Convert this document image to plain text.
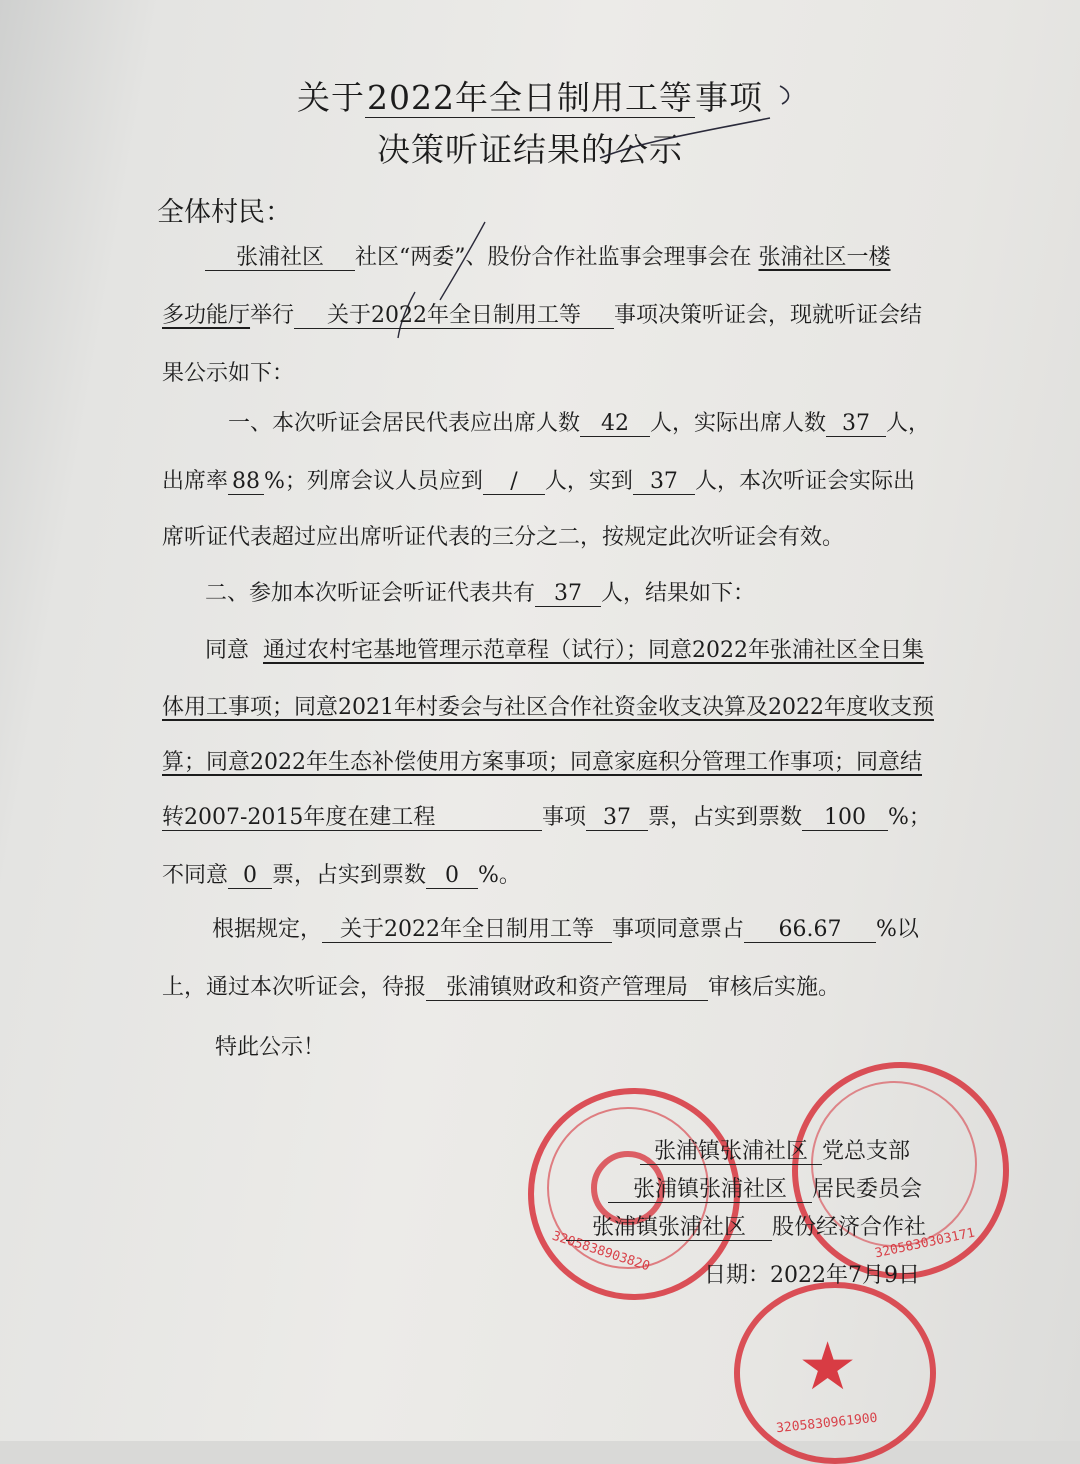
关于2022年全日制用工等事项
决策听证结果的公示
全体村民：
张浦社区 社区“两委”、股份合作社监事会理事会在 张浦社区一楼
多功能厅举行 关于2022年全日制用工等 事项决策听证会，现就听证会结
果公示如下：
一、本次听证会居民代表应出席人数 42 人，实际出席人数 37 人，
出席率 88 %；列席会议人员应到 / 人，实到 37 人，本次听证会实际出
席听证代表超过应出席听证代表的三分之二，按规定此次听证会有效。
二、参加本次听证会听证代表共有 37 人，结果如下：
同意 通过农村宅基地管理示范章程（试行）；同意2022年张浦社区全日集
体用工事项；同意2021年村委会与社区合作社资金收支决算及2022年度收支预
算；同意2022年生态补偿使用方案事项；同意家庭积分管理工作事项；同意结
转2007-2015年度在建工程	事项 37 票，占实到票数 100 %；
不同意 0 票，占实到票数 0 %。
根据规定， 关于2022年全日制用工等 事项同意票占 66.67 %以
上，通过本次听证会，待报 张浦镇财政和资产管理局 审核后实施。
特此公示！
3205838903820	3205830303171
★
3205830961900
张浦镇张浦社区 党总支部
张浦镇张浦社区 居民委员会
张浦镇张浦社区 股份经济合作社
日期：2022年7月9日
